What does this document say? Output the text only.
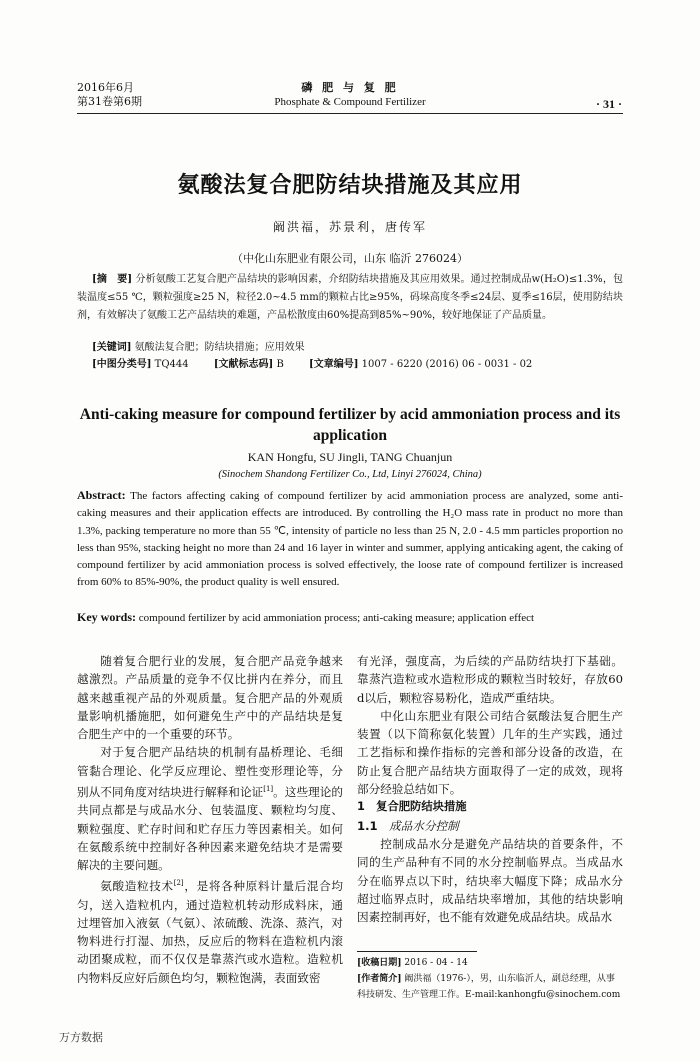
2016年6月
第31卷第6期
磷 肥 与 复 肥
Phosphate & Compound Fertilizer	· 31 ·
氨酸法复合肥防结块措施及其应用
阚洪福，苏景利，唐传军
（中化山东肥业有限公司，山东 临沂 276024）
[摘　要] 分析氨酸工艺复合肥产品结块的影响因素，介绍防结块措施及其应用效果。通过控制成品w(H₂O)≤1.3%，包装温度≤55 ℃，颗粒强度≥25 N，粒径2.0~4.5 mm的颗粒占比≥95%，码垛高度冬季≤24层、夏季≤16层，使用防结块剂，有效解决了氨酸工艺产品结块的难题，产品松散度由60%提高到85%~90%，较好地保证了产品质量。
[关键词] 氨酸法复合肥；防结块措施；应用效果
[中图分类号] TQ444	[文献标志码] B	[文章编号] 1007 - 6220 (2016) 06 - 0031 - 02
Anti-caking measure for compound fertilizer by acid ammoniation process and its application
KAN Hongfu, SU Jingli, TANG Chuanjun
(Sinochem Shandong Fertilizer Co., Ltd, Linyi 276024, China)
Abstract: The factors affecting caking of compound fertilizer by acid ammoniation process are analyzed, some anti-caking measures and their application effects are introduced. By controlling the H₂O mass rate in product no more than 1.3%, packing temperature no more than 55 ℃, intensity of particle no less than 25 N, 2.0 - 4.5 mm particles proportion no less than 95%, stacking height no more than 24 and 16 layer in winter and summer, applying anticaking agent, the caking of compound fertilizer by acid ammoniation process is solved effectively, the loose rate of compound fertilizer is increased from 60% to 85%-90%, the product quality is well ensured.
Key words: compound fertilizer by acid ammoniation process; anti-caking measure; application effect

随着复合肥行业的发展，复合肥产品竞争越来越激烈。产品质量的竞争不仅比拼内在养分，而且越来越重视产品的外观质量。复合肥产品的外观质量影响机播施肥，如何避免生产中的产品结块是复合肥生产中的一个重要的环节。

对于复合肥产品结块的机制有晶桥理论、毛细管黏合理论、化学反应理论、塑性变形理论等，分别从不同角度对结块进行解释和论证[1]。这些理论的共同点都是与成品水分、包装温度、颗粒均匀度、颗粒强度、贮存时间和贮存压力等因素相关。如何在氨酸系统中控制好各种因素来避免结块才是需要解决的主要问题。

氨酸造粒技术[2]，是将各种原料计量后混合均匀，送入造粒机内，通过造粒机转动形成料床，通过埋管加入液氨（气氨）、浓硫酸、洗涤、蒸汽，对物料进行打湿、加热，反应后的物料在造粒机内滚动团聚成粒，而不仅仅是靠蒸汽或水造粒。造粒机内物料反应好后颜色均匀，颗粒饱满，表面致密

有光泽，强度高，为后续的产品防结块打下基础。靠蒸汽造粒或水造粒形成的颗粒当时较好，存放60 d以后，颗粒容易粉化，造成严重结块。

中化山东肥业有限公司结合氨酸法复合肥生产装置（以下简称氨化装置）几年的生产实践，通过工艺指标和操作指标的完善和部分设备的改造，在防止复合肥产品结块方面取得了一定的成效，现将部分经验总结如下。

1　复合肥防结块措施

1.1　 成品水分控制

控制成品水分是避免产品结块的首要条件，不同的生产品种有不同的水分控制临界点。当成品水分在临界点以下时，结块率大幅度下降；成品水分超过临界点时，成品结块率增加，其他的结块影响因素控制再好，也不能有效避免成品结块。成品水

[收稿日期] 2016 - 04 - 14
[作者简介] 阚洪福（1976-），男，山东临沂人，副总经理，从事科技研发、生产管理工作。E-mail:kanhongfu@sinochem.com
万方数据
